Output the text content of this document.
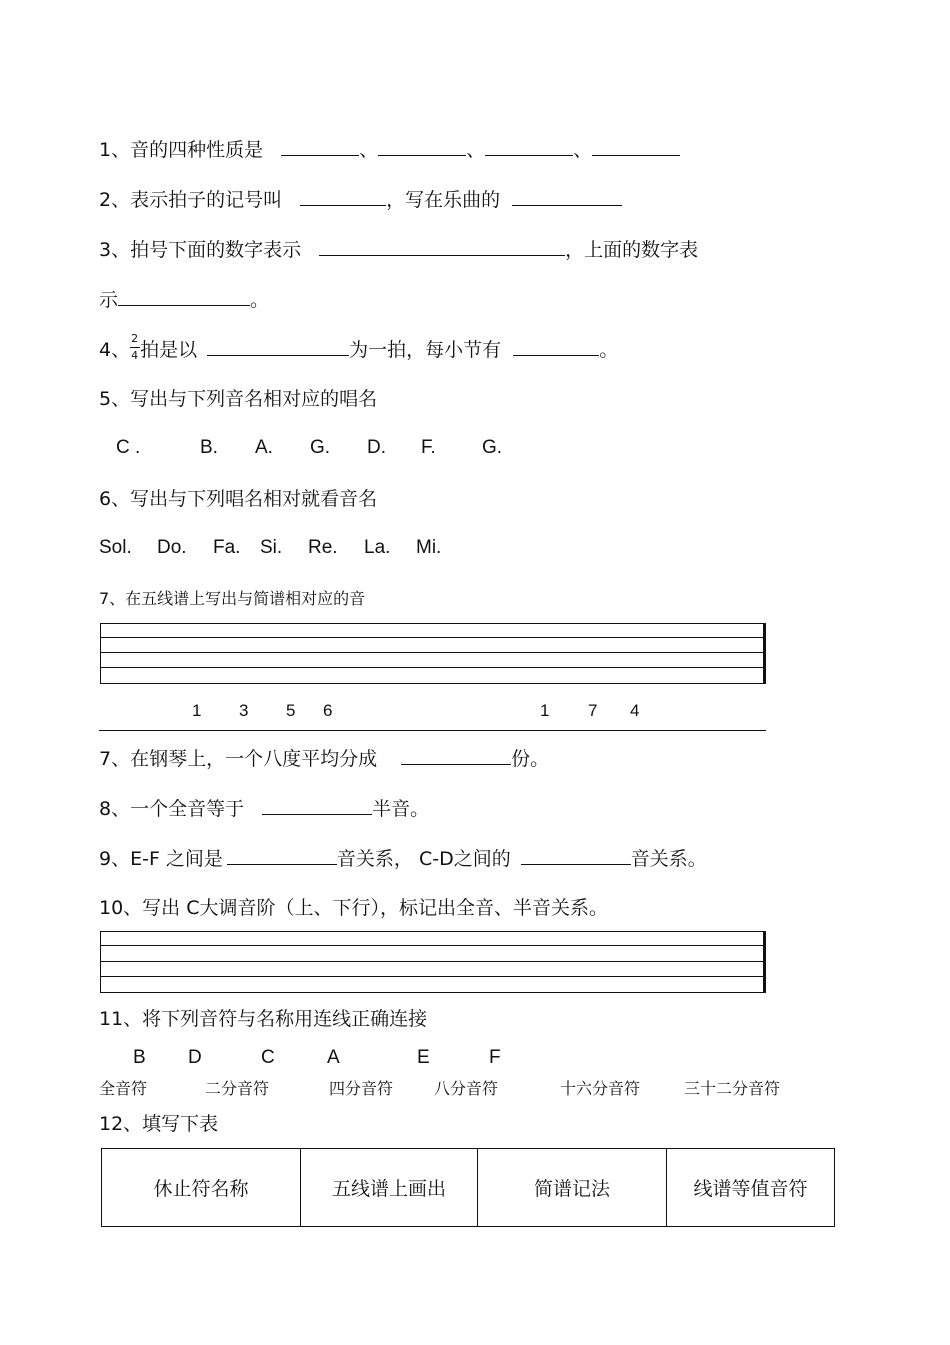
1、音的四种性质是	、	、	、
2、表示拍子的记号叫	，写在乐曲的
3、拍号下面的数字表示	，上面的数字表
示	。
4、 $\frac{2}{4}$ 拍是以	为一拍，每小节有	。
5、写出与下列音名相对应的唱名
C .	B. A. G. D. F. G.
6、写出与下列唱名相对就看音名
Sol. Do. Fa. Si. Re. La. Mi.
7、在五线谱上写出与简谱相对应的音
1 3 5 6	1 7 4
7、在钢琴上，一个八度平均分成	份。
8、一个全音等于	半音。
9、E-F 之间是	音关系， C-D之间的	音关系。
10、写出 C大调音阶（上、下行），标记出全音、半音关系。
11、将下列音符与名称用连线正确连接
B D	C	A	E	F
全音符	二分音符	四分音符	八分音符	十六分音符	三十二分音符
12、填写下表
休止符名称	五线谱上画出	简谱记法	线谱等值音符
